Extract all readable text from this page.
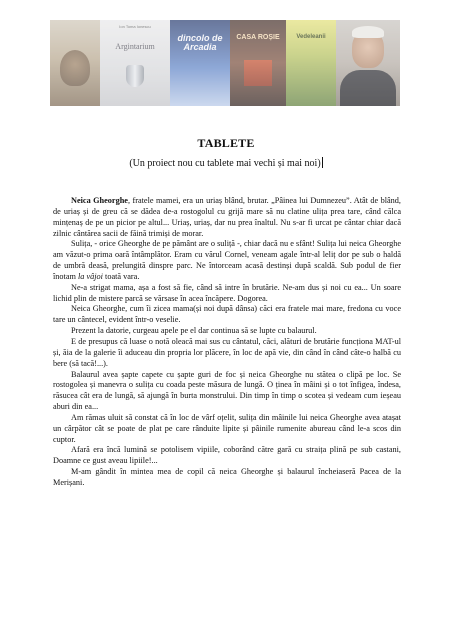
Ion Toma Ionescu
Argintarium
dincolo de Arcadia
CASA ROȘIE	Vedeleanii
TABLETE
(Un proiect nou cu tablete mai vechi și mai noi)

Neica Gheorghe, fratele mamei, era un uriaș blând, brutar. „Pâinea lui Dumnezeu”. Atât de blând, de uriaș și de greu că se dădea de-a rostogolul cu grijă mare să nu clatine ulița prea tare, când călca mințenaș de pe un picior pe altul... Uriaș, uriaș, dar nu prea înaltul. Nu s-ar fi urcat pe cântar chiar dacă zilnic cântărea sacii de făină trimiși de morar.

Sulița, - orice Gheorghe de pe pământ are o suliță -, chiar dacă nu e sfânt! Sulița lui neica Gheorghe am văzut-o prima oară întâmplător. Eram cu vărul Cornel, veneam agale într-al leliț dor pe sub o haldă de umbră deasă, prelungită dinspre parc. Ne întorceam acasă destinși după scaldă. Sub podul de fier înotam la vâjoi toată vara.

Ne-a strigat mama, așa a fost să fie, când să intre în brutărie. Ne-am dus și noi cu ea... Un soare lichid plin de mistere parcă se vărsase în acea încăpere. Dogorea.

Neica Gheorghe, cum îi zicea mama(și noi după dânsa) căci era fratele mai mare, fredona cu voce tare un cântecel, evident într-o veselie.

Prezent la datorie, curgeau apele pe el dar continua să se lupte cu balaurul.

E de presupus că luase o notă oleacă mai sus cu cântatul, căci, alături de brutărie funcționa MAT-ul și, ăia de la galerie îi aduceau din propria lor plăcere, în loc de apă vie, din când în când câte-o halbă cu bere (să tacă!...).

Balaurul avea șapte capete cu șapte guri de foc și neica Gheorghe nu stătea o clipă pe loc. Se rostogolea și manevra o sulița cu coada peste măsura de lungă. O ținea în mâini și o tot înfigea, îndesa, răsucea cât era de lungă, să ajungă în burta monstrului. Din timp în timp o scotea și vedeam cum ieșeau aburi din ea...

Am rămas uluit să constat că în loc de vârf oțelit, sulița din mâinile lui neica Gheorghe avea atașat un cârpător cât se poate de plat pe care rânduite lipite și pâinile rumenite abureau când le-a scos din cuptor.

Afară era încă lumină se potolisem vipiile, coborând către gară cu straița plină pe sub castani, Doamne ce gust aveau lipiile!...

M-am gândit în mintea mea de copil că neica Gheorghe și balaurul încheiaseră Pacea de la Merișani.
